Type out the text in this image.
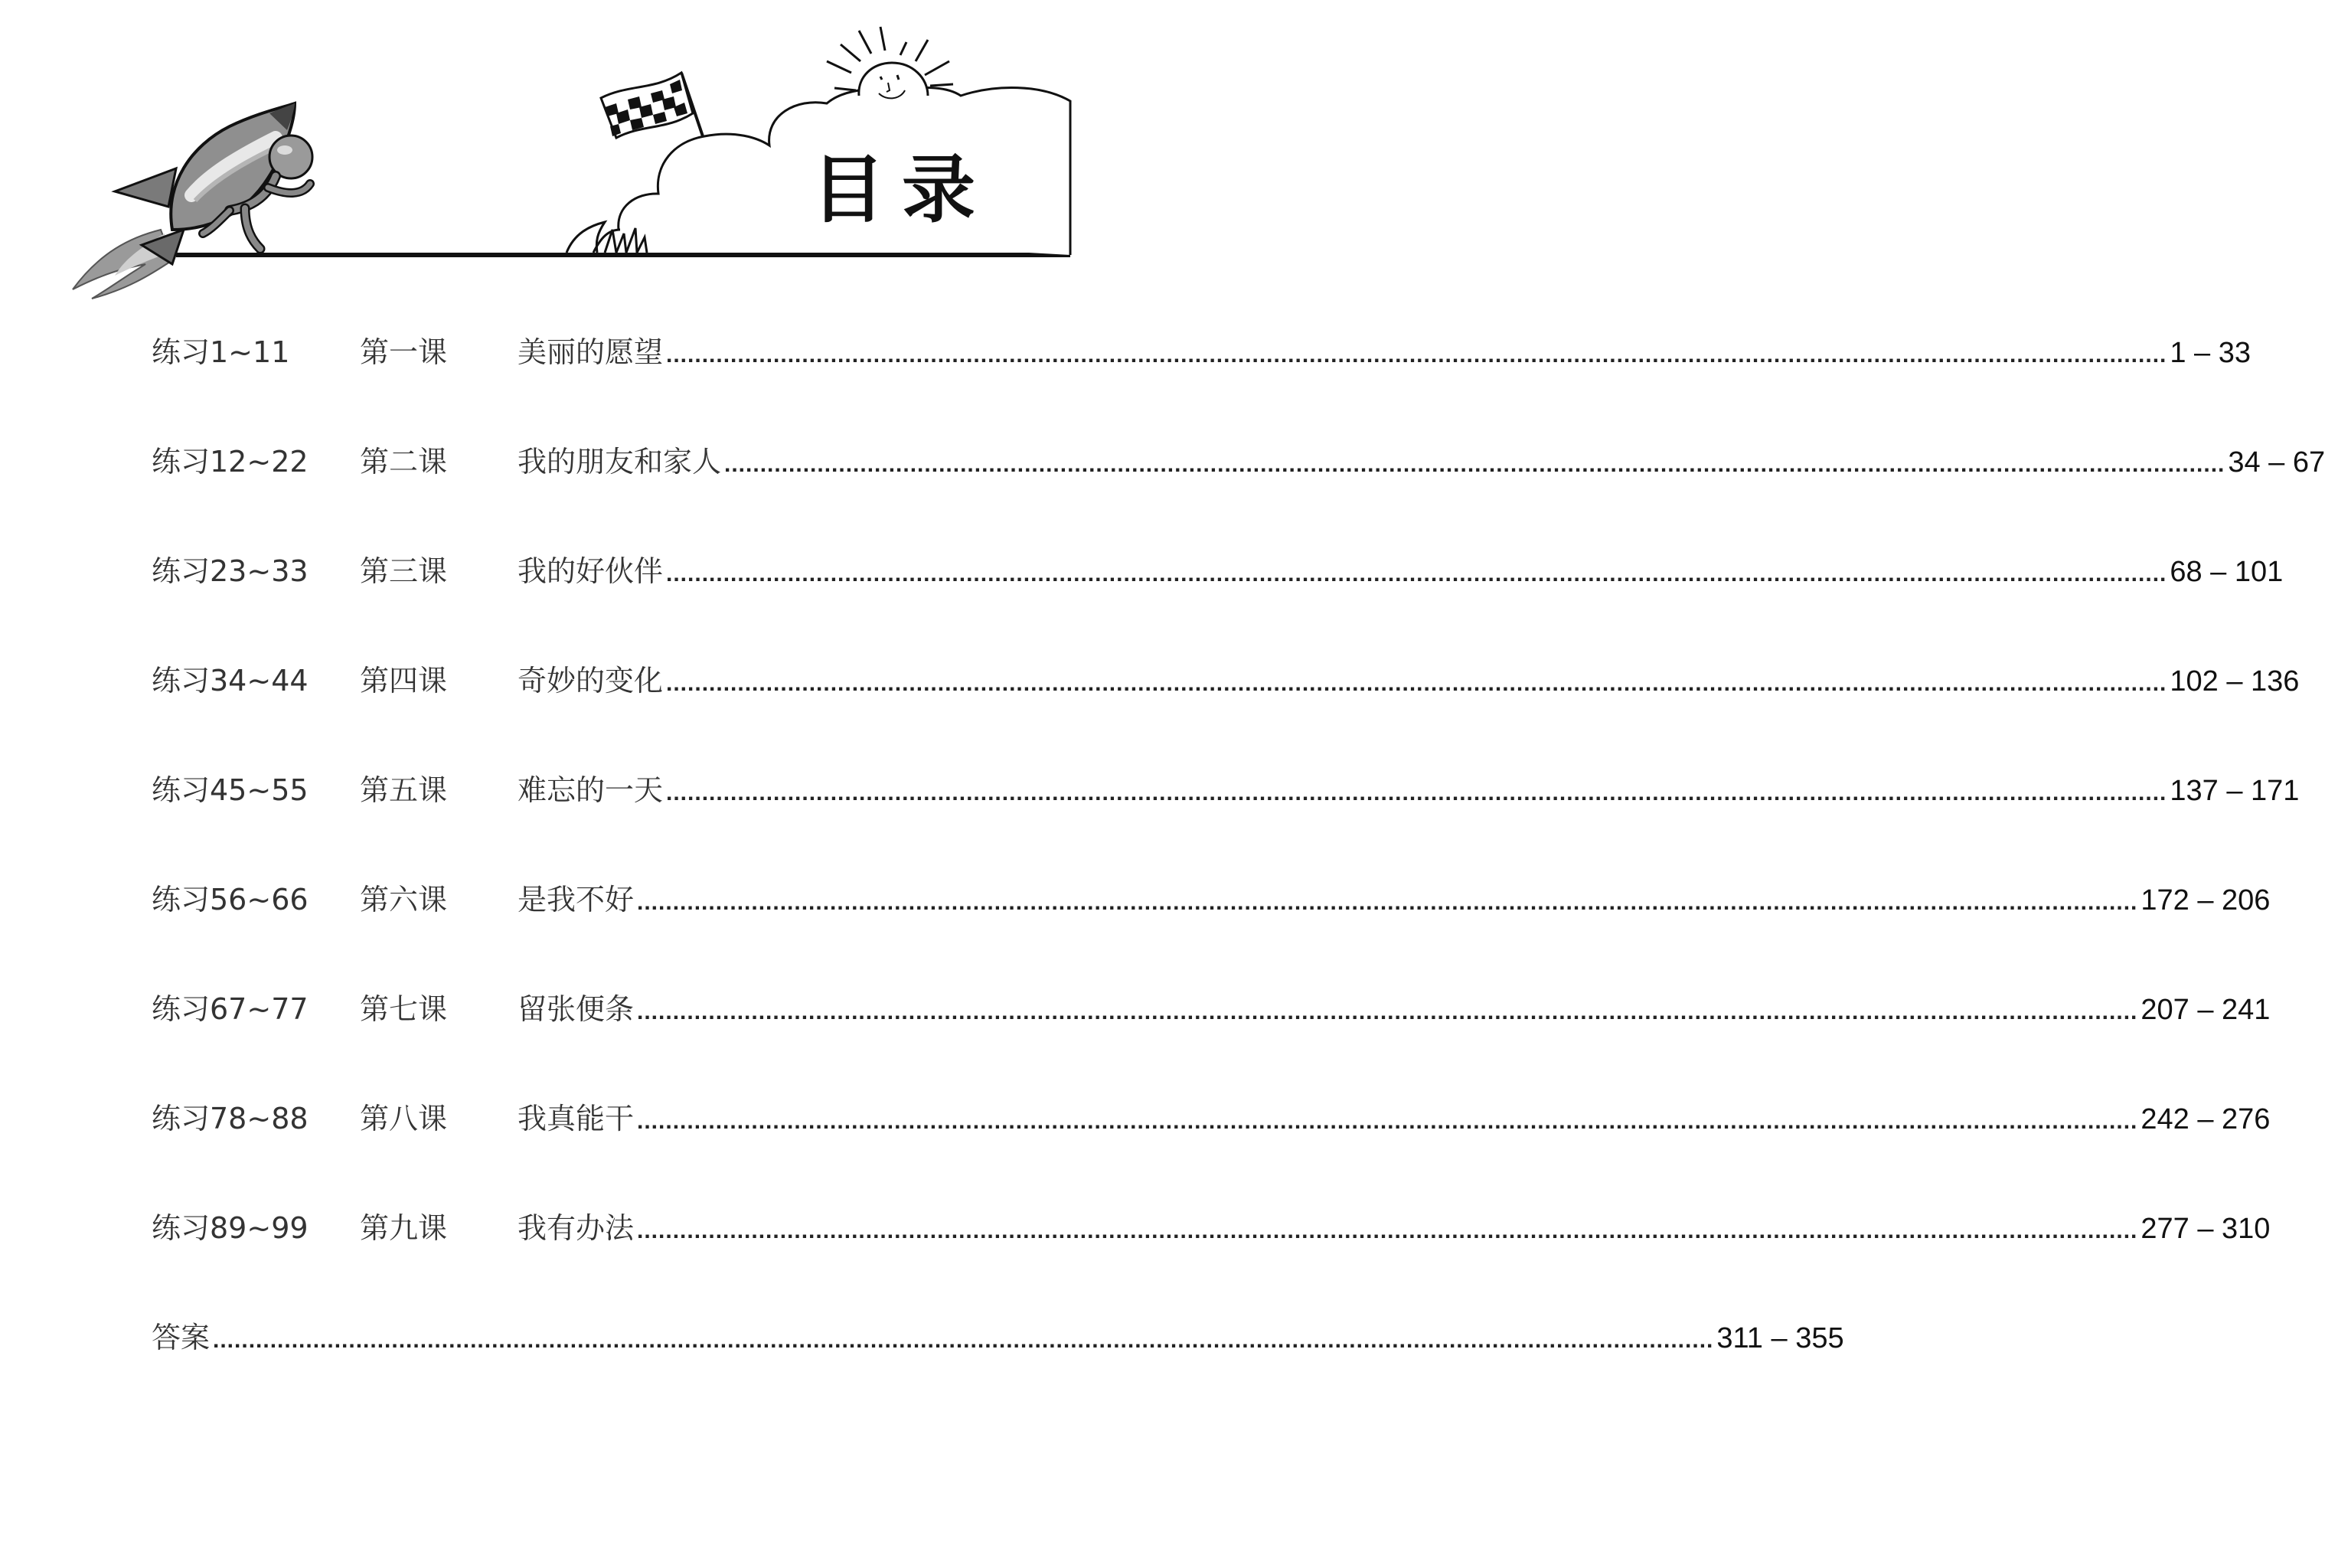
目录
练习1~11 第一课 美丽的愿望 .................................................................................................................................................................................................................. 1 – 33
练习12~22 第二课 我的朋友和家人 .................................................................................................................................................................................................................. 34 – 67
练习23~33 第三课 我的好伙伴 .................................................................................................................................................................................................................. 68 – 101
练习34~44 第四课 奇妙的变化 .................................................................................................................................................................................................................. 102 – 136
练习45~55 第五课 难忘的一天 .................................................................................................................................................................................................................. 137 – 171
练习56~66 第六课 是我不好 .................................................................................................................................................................................................................. 172 – 206
练习67~77 第七课 留张便条 .................................................................................................................................................................................................................. 207 – 241
练习78~88 第八课 我真能干 .................................................................................................................................................................................................................. 242 – 276
练习89~99 第九课 我有办法 .................................................................................................................................................................................................................. 277 – 310
答案 .................................................................................................................................................................................................................. 311 – 355
